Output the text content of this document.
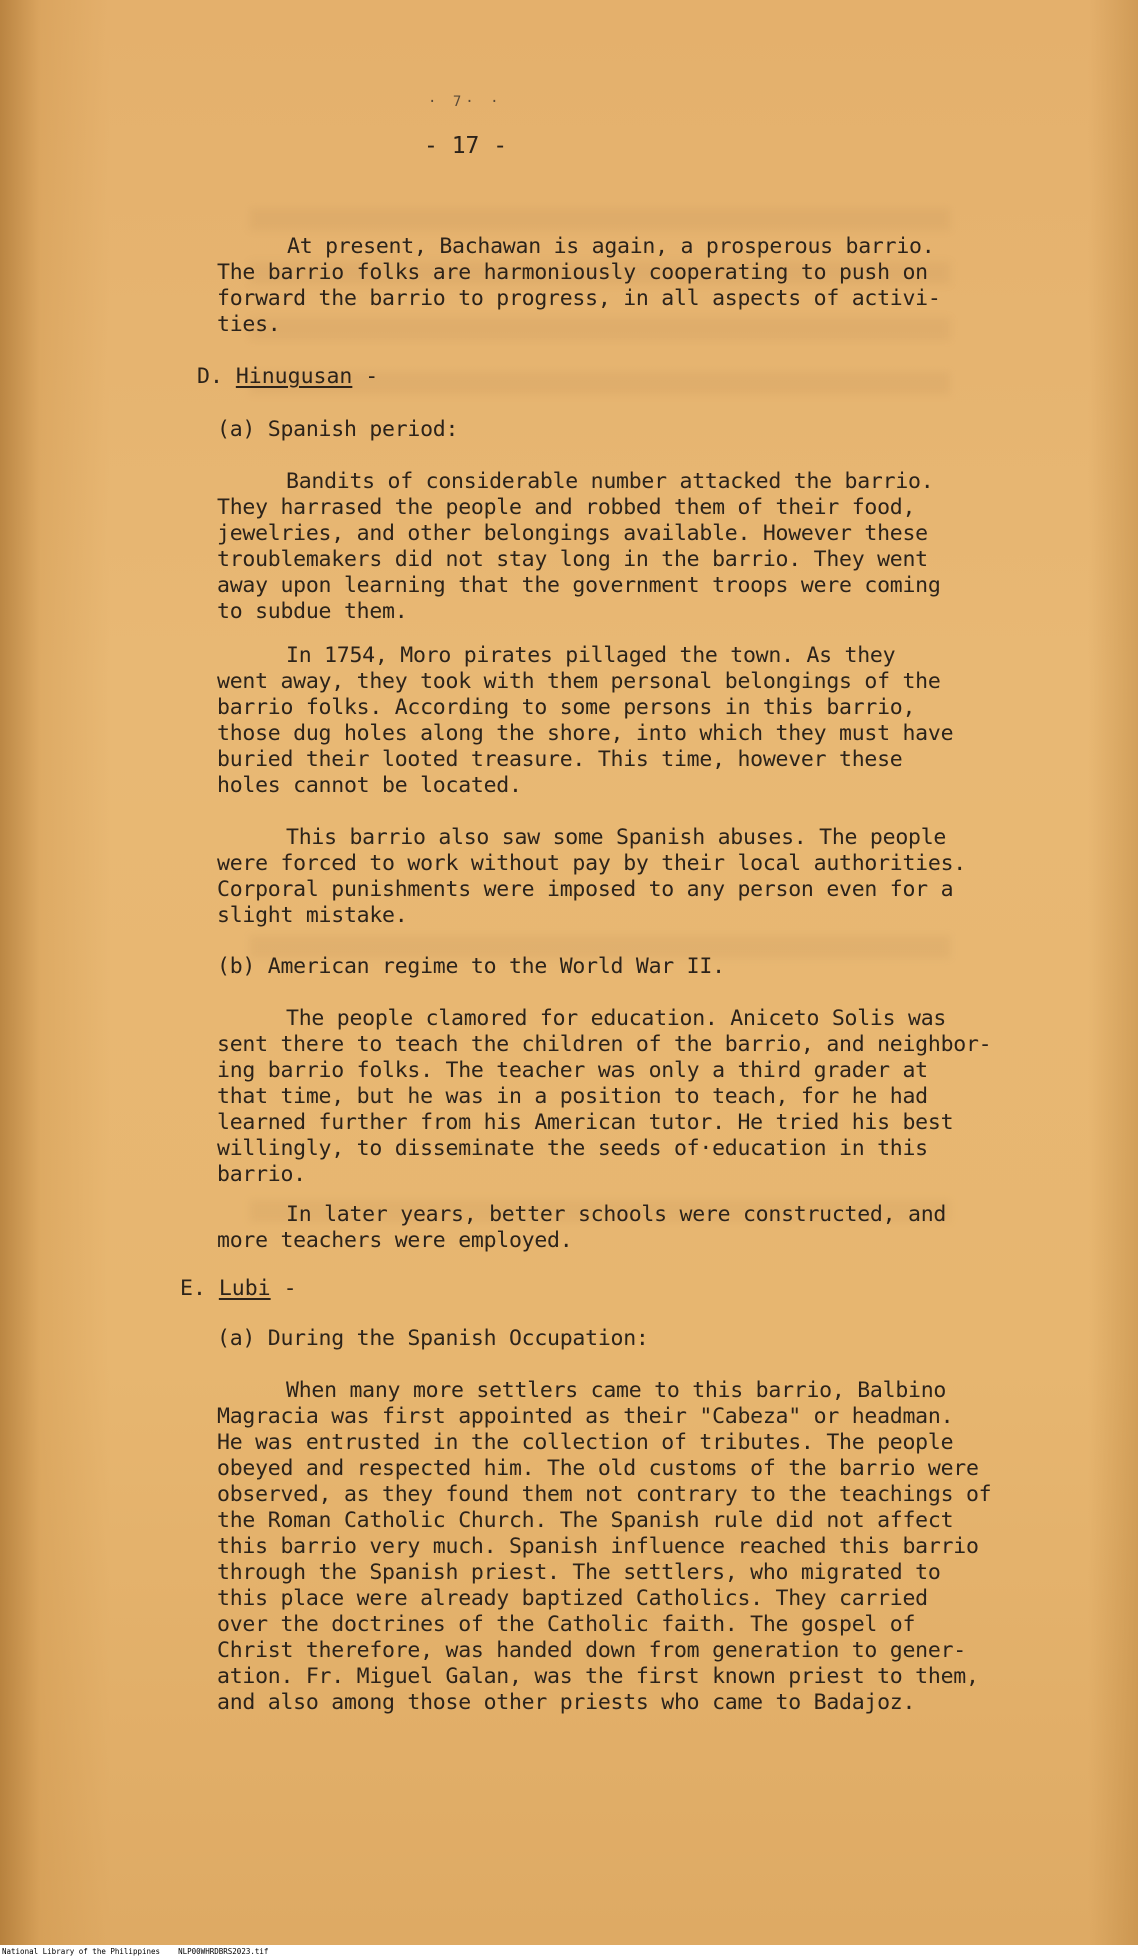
· 7· ·
- 17 -
At present, Bachawan is again, a prosperous barrio.
The barrio folks are harmoniously cooperating to push on
forward the barrio to progress, in all aspects of activi-
ties.
D. Hinugusan -
(a) Spanish period:
Bandits of considerable number attacked the barrio.
They harrased the people and robbed them of their food,
jewelries, and other belongings available. However these
troublemakers did not stay long in the barrio. They went
away upon learning that the government troops were coming
to subdue them.
In 1754, Moro pirates pillaged the town. As they
went away, they took with them personal belongings of the
barrio folks. According to some persons in this barrio,
those dug holes along the shore, into which they must have
buried their looted treasure. This time, however these
holes cannot be located.
This barrio also saw some Spanish abuses. The people
were forced to work without pay by their local authorities.
Corporal punishments were imposed to any person even for a
slight mistake.
(b) American regime to the World War II.
The people clamored for education. Aniceto Solis was
sent there to teach the children of the barrio, and neighbor-
ing barrio folks. The teacher was only a third grader at
that time, but he was in a position to teach, for he had
learned further from his American tutor. He tried his best
willingly, to disseminate the seeds of·education in this
barrio.
In later years, better schools were constructed, and
more teachers were employed.
E. Lubi -
(a) During the Spanish Occupation:
When many more settlers came to this barrio, Balbino
Magracia was first appointed as their "Cabeza" or headman.
He was entrusted in the collection of tributes. The people
obeyed and respected him. The old customs of the barrio were
observed, as they found them not contrary to the teachings of
the Roman Catholic Church. The Spanish rule did not affect
this barrio very much. Spanish influence reached this barrio
through the Spanish priest. The settlers, who migrated to
this place were already baptized Catholics. They carried
over the doctrines of the Catholic faith. The gospel of
Christ therefore, was handed down from generation to gener-
ation. Fr. Miguel Galan, was the first known priest to them,
and also among those other priests who came to Badajoz.
National Library of the Philippines    NLP00WHRDBRS2023.tif
